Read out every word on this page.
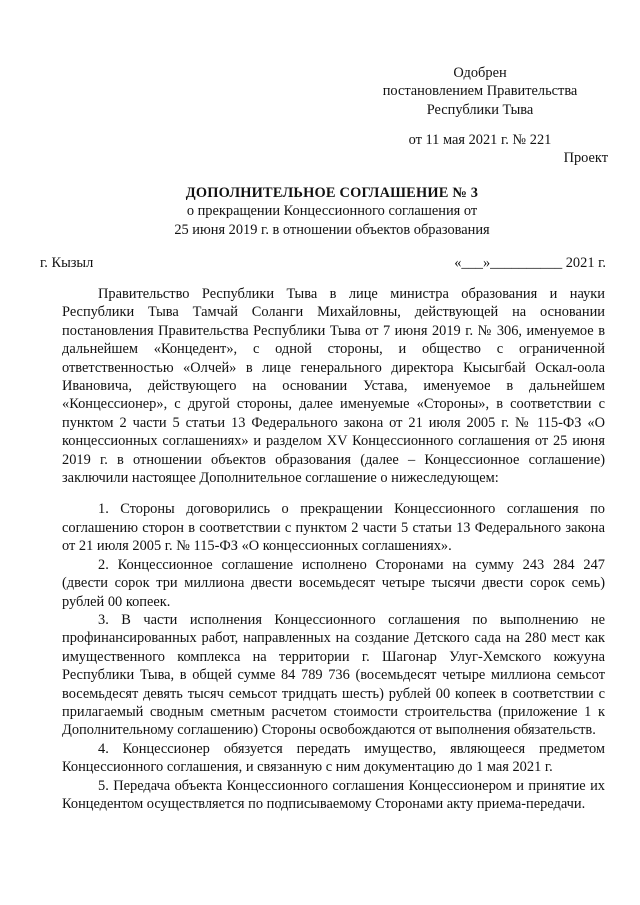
Одобрен
постановлением Правительства
Республики Тыва
от 11 мая 2021 г. № 221
Проект
ДОПОЛНИТЕЛЬНОЕ СОГЛАШЕНИЕ № 3
о прекращении Концессионного соглашения от
25 июня 2019 г. в отношении объектов образования
г. Кызыл	«___»__________ 2021 г.

Правительство Республики Тыва в лице министра образования и науки Республики Тыва Тамчай Соланги Михайловны, действующей на основании постановления Правительства Республики Тыва от 7 июня 2019 г. № 306, именуемое в дальнейшем «Концедент», с одной стороны, и общество с ограниченной ответственностью «Олчей» в лице генерального директора Кысыгбай Оскал-оола Ивановича, действующего на основании Устава, именуемое в дальнейшем «Концессионер», с другой стороны, далее именуемые «Стороны», в соответствии с пунктом 2 части 5 статьи 13 Федерального закона от 21 июля 2005 г. № 115-ФЗ «О концессионных соглашениях» и разделом XV Концессионного соглашения от 25 июня 2019 г. в отношении объектов образования (далее – Концессионное соглашение) заключили настоящее Дополнительное соглашение о нижеследующем:

1. Стороны договорились о прекращении Концессионного соглашения по соглашению сторон в соответствии с пунктом 2 части 5 статьи 13 Федерального закона от 21 июля 2005 г. № 115-ФЗ «О концессионных соглашениях».

2. Концессионное соглашение исполнено Сторонами на сумму 243 284 247 (двести сорок три миллиона двести восемьдесят четыре тысячи двести сорок семь) рублей 00 копеек.

3. В части исполнения Концессионного соглашения по выполнению не профинансированных работ, направленных на создание Детского сада на 280 мест как имущественного комплекса на территории г. Шагонар Улуг-Хемского кожууна Республики Тыва, в общей сумме 84 789 736 (восемьдесят четыре миллиона семьсот восемьдесят девять тысяч семьсот тридцать шесть) рублей 00 копеек в соответствии с прилагаемый сводным сметным расчетом стоимости строительства (приложение 1 к Дополнительному соглашению) Стороны освобождаются от выполнения обязательств.

4. Концессионер обязуется передать имущество, являющееся предметом Концессионного соглашения, и связанную с ним документацию до 1 мая 2021 г.

5. Передача объекта Концессионного соглашения Концессионером и принятие их Концедентом осуществляется по подписываемому Сторонами акту приема-передачи.
